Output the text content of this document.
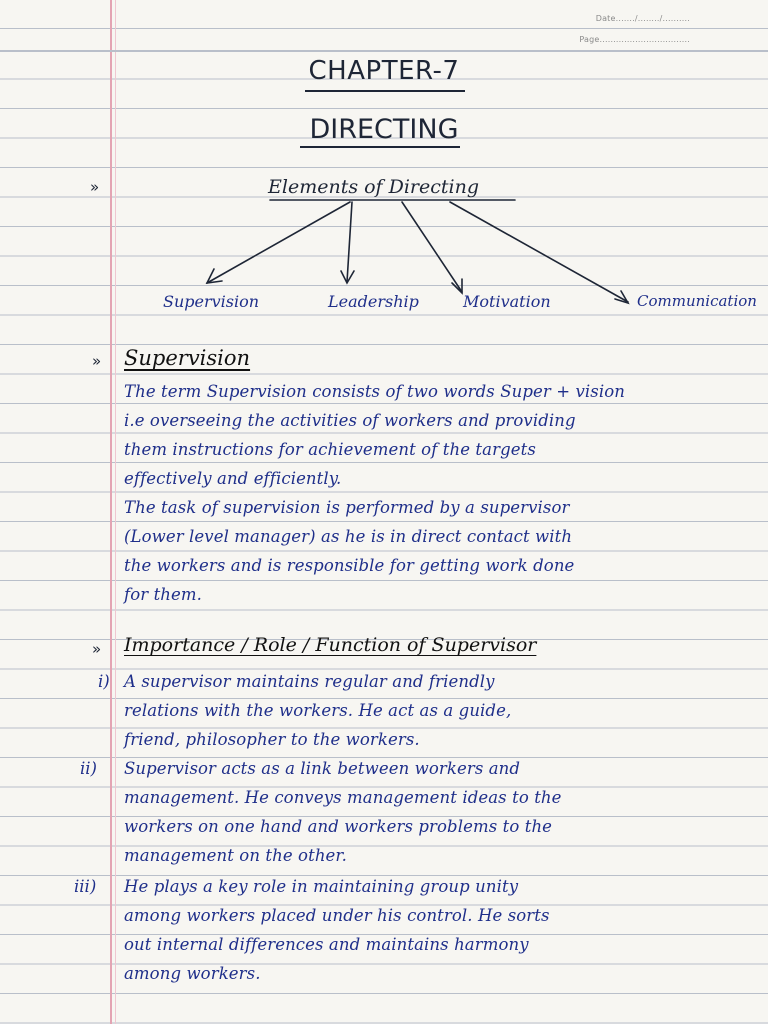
Date......./......../..........
Page.................................
CHAPTER-7
DIRECTING
»	Elements of Directing
Supervision	Leadership	Motivation	Communication
» Supervision
The term Supervision consists of two words Super + vision
i.e overseeing the activities of workers and providing
them instructions for achievement of the targets
effectively and efficiently.
The task of supervision is performed by a supervisor
(Lower level manager) as he is in direct contact with
the workers and is responsible for getting work done
for them.
» Importance / Role / Function of Supervisor
i) A supervisor maintains regular and friendly
relations with the workers. He act as a guide,
friend, philosopher to the workers.
ii) Supervisor acts as a link between workers and
management. He conveys management ideas to the
workers on one hand and workers problems to the
management on the other.
iii) He plays a key role in maintaining group unity
among workers placed under his control. He sorts
out internal differences and maintains harmony
among workers.
